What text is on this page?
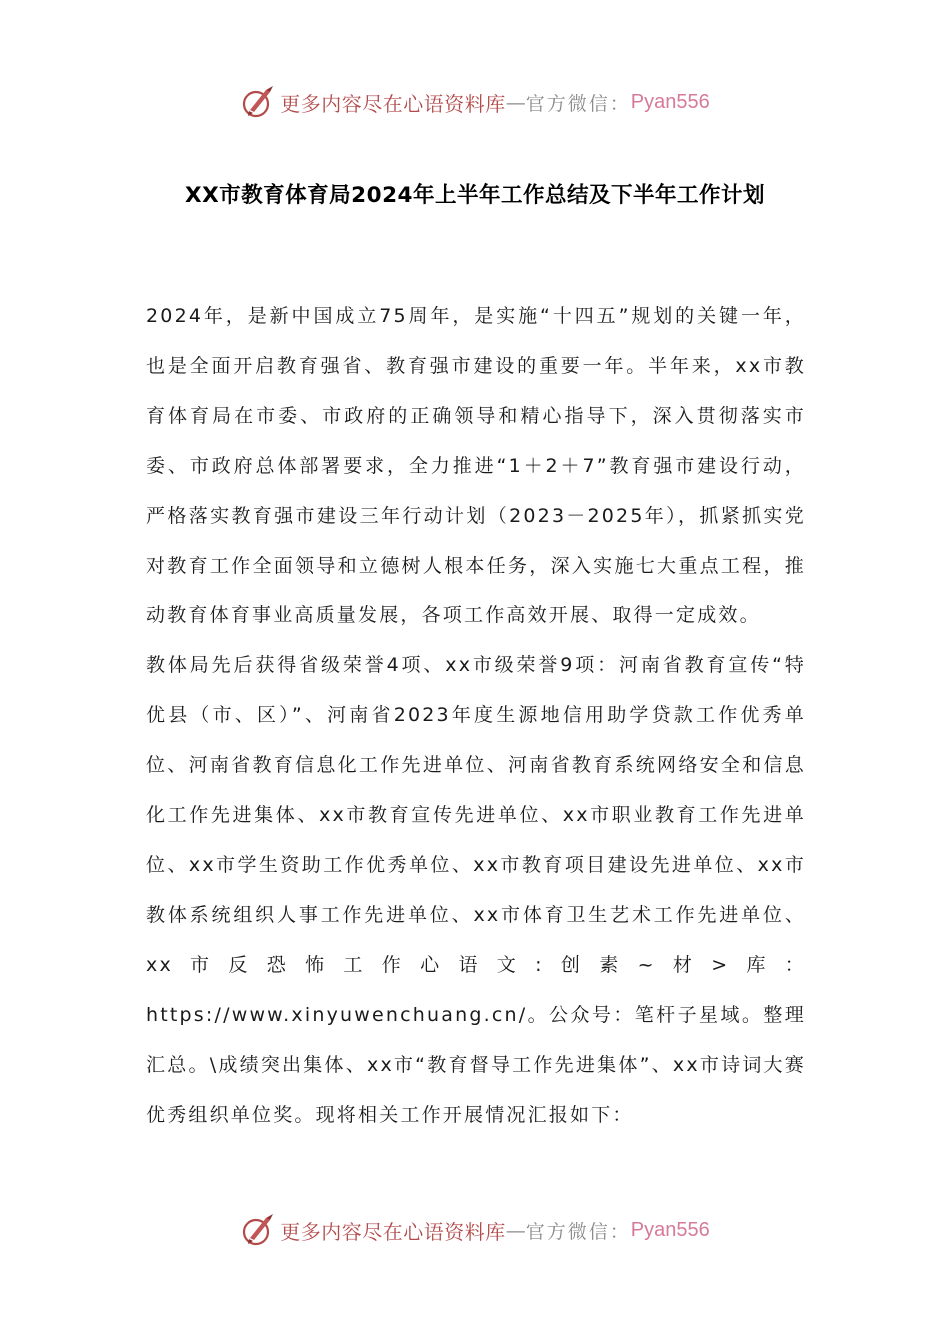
更多内容尽在心语资料库 — 官方微信： Pyan556
XX市教育体育局2024年上半年工作总结及下半年工作计划

2024年，是新中国成立75周年，是实施“十四五”规划的关键一年，也是全面开启教育强省、教育强市建设的重要一年。半年来，xx市教育体育局在市委、市政府的正确领导和精心指导下，深入贯彻落实市委、市政府总体部署要求，全力推进“1＋2＋7”教育强市建设行动，严格落实教育强市建设三年行动计划（2023－2025年），抓紧抓实党对教育工作全面领导和立德树人根本任务，深入实施七大重点工程，推动教育体育事业高质量发展，各项工作高效开展、取得一定成效。

教体局先后获得省级荣誉4项、xx市级荣誉9项：河南省教育宣传“特优县（市、区）”、河南省2023年度生源地信用助学贷款工作优秀单位、河南省教育信息化工作先进单位、河南省教育系统网络安全和信息化工作先进集体、xx市教育宣传先进单位、xx市职业教育工作先进单位、xx市学生资助工作优秀单位、xx市教育项目建设先进单位、xx市教体系统组织人事工作先进单位、xx市体育卫生艺术工作先进单位、xx市反恐怖工作心语文:创素~材>库：https://www.xinyuwenchuang.cn/。公众号：笔杆子星域。整理汇总。\成绩突出集体、xx市“教育督导工作先进集体”、xx市诗词大赛优秀组织单位奖。现将相关工作开展情况汇报如下：

更多内容尽在心语资料库 — 官方微信： Pyan556
